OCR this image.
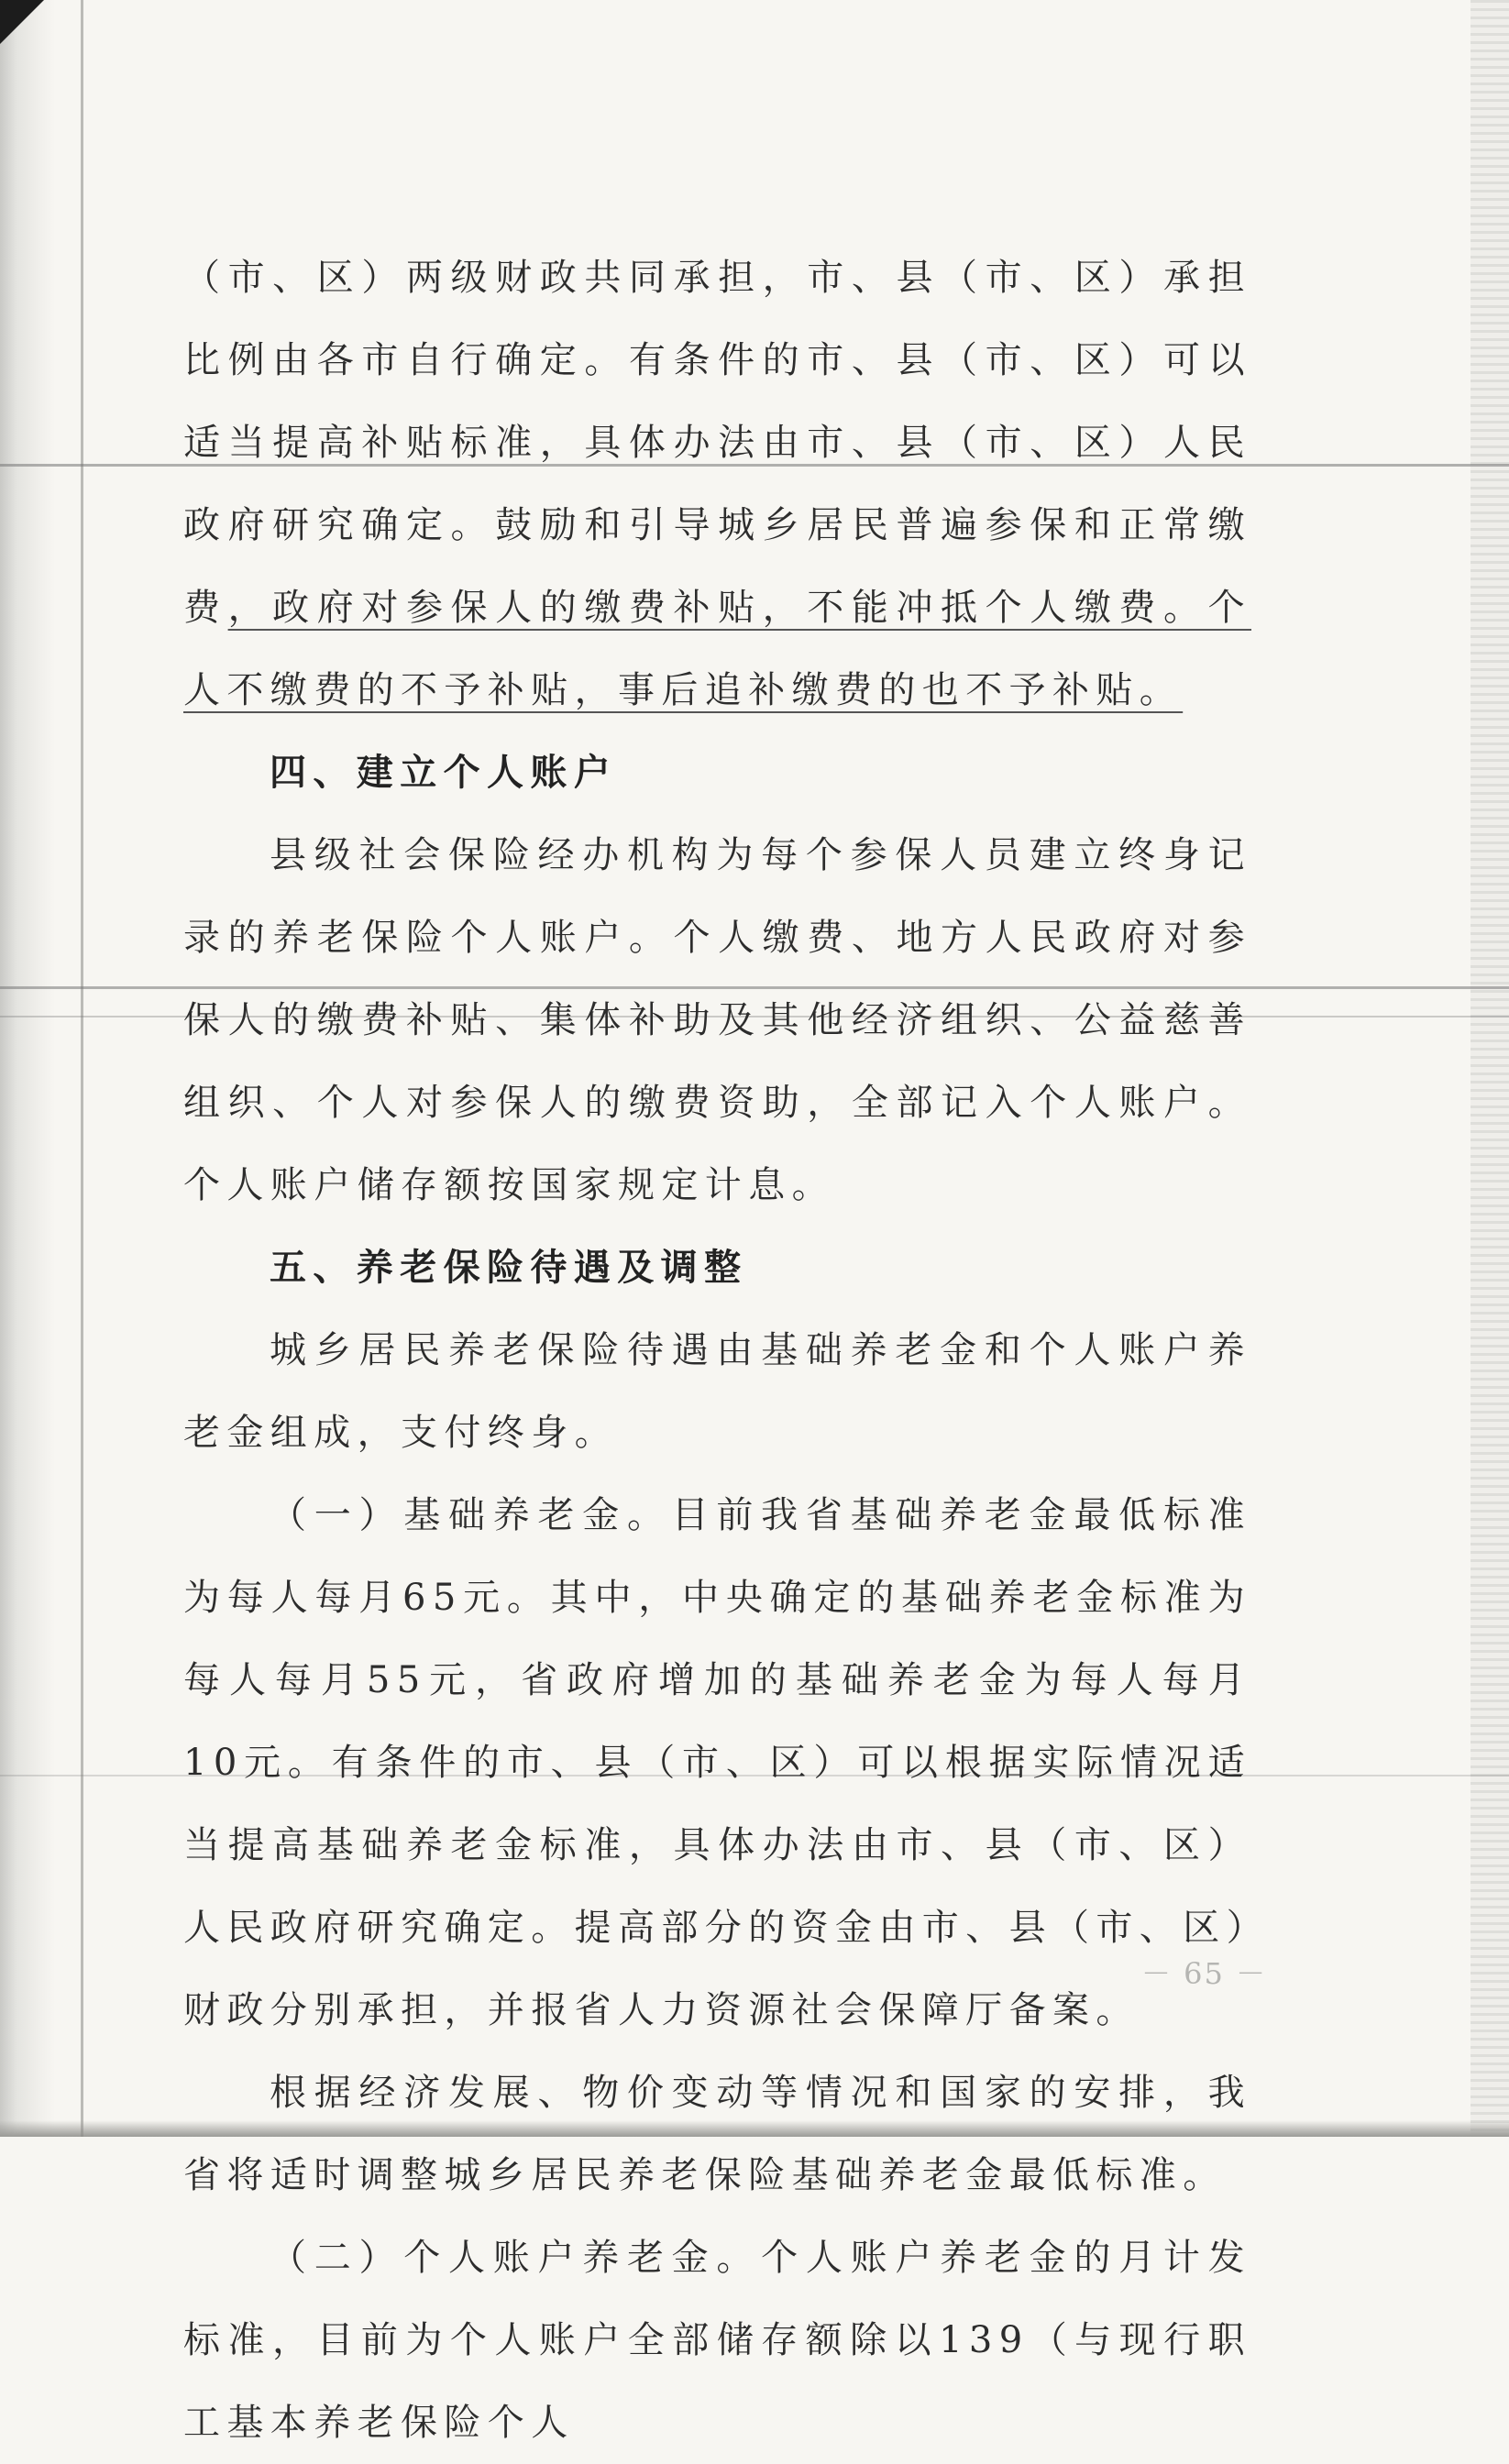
（市、区）两级财政共同承担，市、县（市、区）承担比例由各市自行确定。有条件的市、县（市、区）可以适当提高补贴标准，具体办法由市、县（市、区）人民政府研究确定。鼓励和引导城乡居民普遍参保和正常缴费，政府对参保人的缴费补贴，不能冲抵个人缴费。个人不缴费的不予补贴，事后追补缴费的也不予补贴。

四、建立个人账户

县级社会保险经办机构为每个参保人员建立终身记录的养老保险个人账户。个人缴费、地方人民政府对参保人的缴费补贴、集体补助及其他经济组织、公益慈善组织、个人对参保人的缴费资助，全部记入个人账户。个人账户储存额按国家规定计息。

五、养老保险待遇及调整

城乡居民养老保险待遇由基础养老金和个人账户养老金组成，支付终身。

（一）基础养老金。目前我省基础养老金最低标准为每人每月65元。其中，中央确定的基础养老金标准为每人每月55元，省政府增加的基础养老金为每人每月10元。有条件的市、县（市、区）可以根据实际情况适当提高基础养老金标准，具体办法由市、县（市、区）人民政府研究确定。提高部分的资金由市、县（市、区）财政分别承担，并报省人力资源社会保障厅备案。

根据经济发展、物价变动等情况和国家的安排，我省将适时调整城乡居民养老保险基础养老金最低标准。

（二）个人账户养老金。个人账户养老金的月计发标准，目前为个人账户全部储存额除以139（与现行职工基本养老保险个人

－ 65 －
